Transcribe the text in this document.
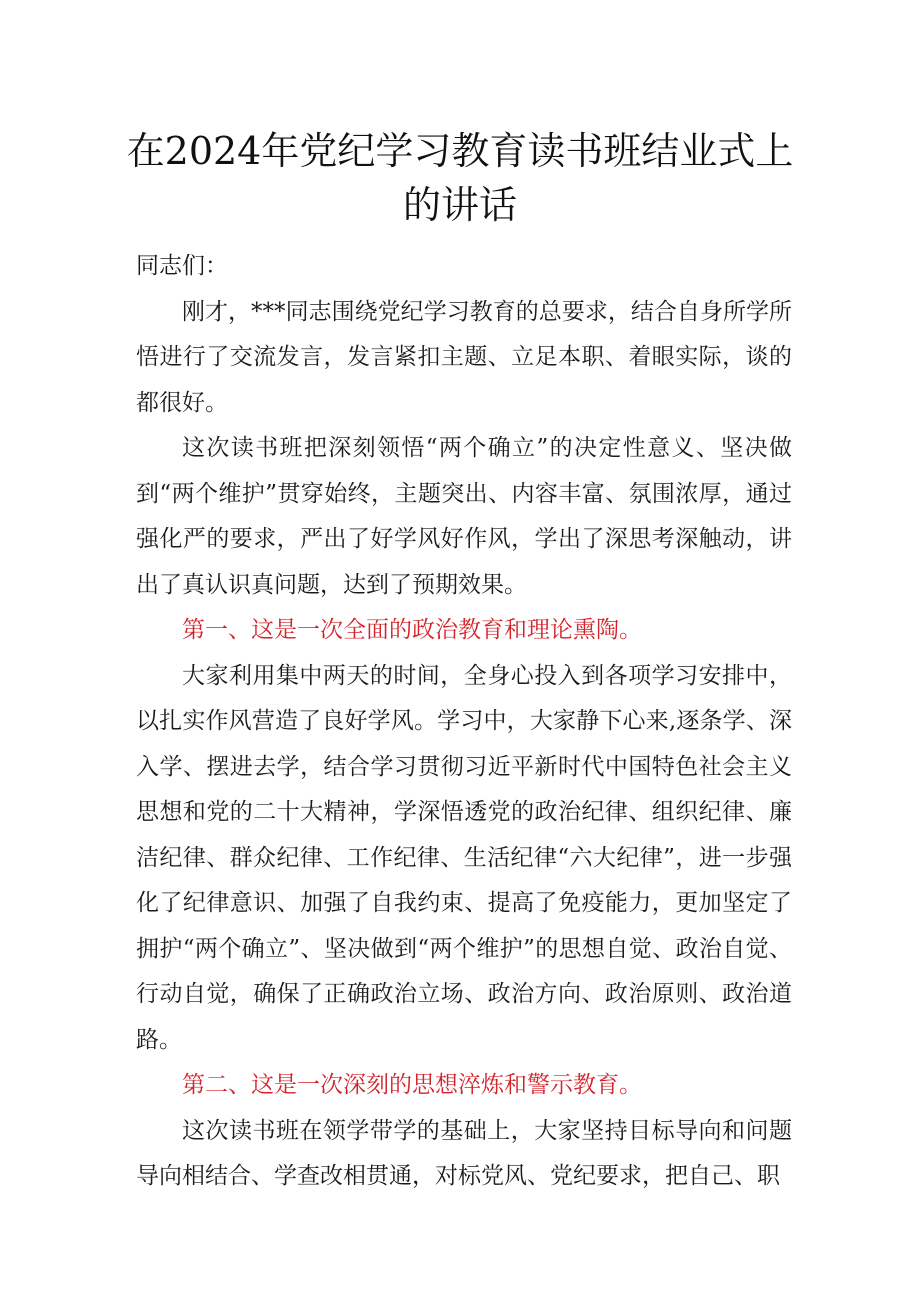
在2024年党纪学习教育读书班结业式上的讲话

同志们：

刚才，***同志围绕党纪学习教育的总要求，结合自身所学所悟进行了交流发言，发言紧扣主题、立足本职、着眼实际，谈的都很好。

这次读书班把深刻领悟“两个确立”的决定性意义、坚决做到“两个维护”贯穿始终，主题突出、内容丰富、氛围浓厚，通过强化严的要求，严出了好学风好作风，学出了深思考深触动，讲出了真认识真问题，达到了预期效果。

第一、这是一次全面的政治教育和理论熏陶。

大家利用集中两天的时间，全身心投入到各项学习安排中，以扎实作风营造了良好学风。学习中，大家静下心来,逐条学、深入学、摆进去学，结合学习贯彻习近平新时代中国特色社会主义思想和党的二十大精神，学深悟透党的政治纪律、组织纪律、廉洁纪律、群众纪律、工作纪律、生活纪律“六大纪律”，进一步强化了纪律意识、加强了自我约束、提高了免疫能力，更加坚定了拥护“两个确立”、坚决做到“两个维护”的思想自觉、政治自觉、行动自觉，确保了正确政治立场、政治方向、政治原则、政治道路。

第二、这是一次深刻的思想淬炼和警示教育。

这次读书班在领学带学的基础上，大家坚持目标导向和问题导向相结合、学查改相贯通，对标党风、党纪要求，把自己、职
